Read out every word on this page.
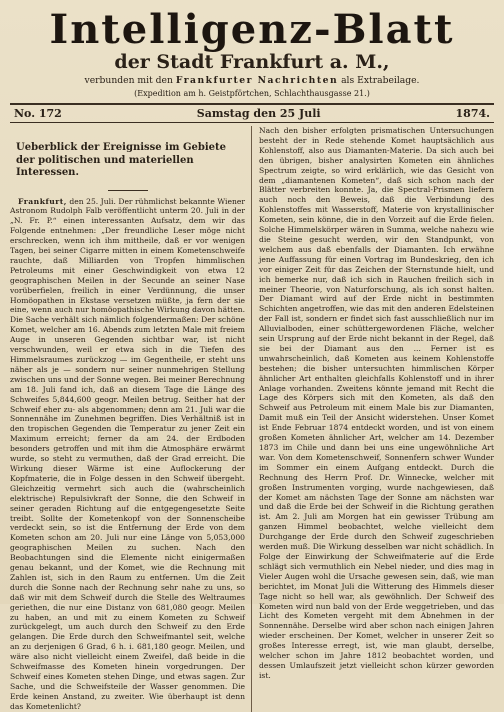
Intelligenz-Blatt
der Stadt Frankfurt a. M.,
verbunden mit den Frankfurter Nachrichten als Extrabeilage.
(Expedition am h. Geistpförtchen, Schlachthausgasse 21.)
No. 172	Samstag den 25 Juli	1874.
Ueberblick der Ereignisse im Gebiete der politischen und materiellen Interessen.

Frankfurt, den 25. Juli. Der rühmlichst bekannte Wiener Astronom Rudolph Falb veröffentlicht unterm 20. Juli in der „N. Fr. P.“ einen interessanten Aufsatz, dem wir das Folgende entnehmen: „Der freundliche Leser möge nicht erschrecken, wenn ich ihm mittheile, daß er vor wenigen Tagen, bei seiner Cigarre mitten in einem Kometenschweife rauchte, daß Milliarden von Tropfen himmlischen Petroleums mit einer Geschwindigkeit von etwa 12 geographischen Meilen in der Secunde an seiner Nase vorüberfielen, freilich in einer Verdünnung, die unser Homöopathen in Ekstase versetzen müßte, ja fern der sie eine, wenn auch nur homöopathische Wirkung davon hätten. Die Sache verhält sich nämlich folgendermaßen: Der schöne Komet, welcher am 16. Abends zum letzten Male mit freiem Auge in unseren Gegenden sichtbar war, ist nicht verschwunden, weil er etwa sich in die Tiefen des Himmelsraumes zurückzog — im Gegentheile, er steht uns näher als je — sondern nur seiner nunmehrigen Stellung zwischen uns und der Sonne wegen. Bei meiner Berechnung am 18. Juli fand ich, daß an diesem Tage die Länge des Schweifes 5,844,600 geogr. Meilen betrug. Seither hat der Schweif eher zu- als abgenommen; denn am 21. Juli war die Sonnennähe im Zunehmen begriffen. Dies Verhältniß ist in den tropischen Gegenden die Temperatur zu jener Zeit ein Maximum erreicht; ferner da am 24. der Erdboden besonders getroffen und mit ihm die Atmosphäre erwärmt wurde, so steht zu vermuthen, daß der Grad erreicht. Die Wirkung dieser Wärme ist eine Auflockerung der Kopfmaterie, die in Folge dessen in den Schweif übergeht. Gleichzeitig vermehrt sich auch die (wahrscheinlich elektrische) Repulsivkraft der Sonne, die den Schweif in seiner geraden Richtung auf die entgegengesetzte Seite treibt. Sollte der Kometenkopf von der Sonnenscheibe verdeckt sein, so ist die Entfernung der Erde von dem Kometen schon am 20. Juli nur eine Länge von 5,053,000 geographischen Meilen zu suchen. Nach den Beobachtungen sind die Elemente nicht einigermaßen genau bekannt, und der Komet, wie die Rechnung mit Zahlen ist, sich in den Raum zu entfernen. Um die Zeit durch die Sonne nach der Rechnung sehr nahe zu uns, so daß wir mit dem Schweif durch die Stelle des Weltraumes geriethen, die nur eine Distanz von 681,080 geogr. Meilen zu haben, an und mit zu einem Kometen zu Schweif zurückgelegt, um auch durch den Schweif zu den Erde gelangen. Die Erde durch den Schweifmantel seit, welche an zu derjenigen 6 Grad, 6 h. i. 681,180 geogr. Meilen, und wäre also nicht vielleicht einem Zweifel, daß beide in die Schweifmasse des Kometen hinein vorgedrungen. Der Schweif eines Kometen stehen Dinge, und etwas sagen. Zur Sache, und die Schweifsteile der Wasser genommen. Die Erde keinen Anstand, zu zweiter. Wie überhaupt ist denn das Kometenlicht?

Nach den bisher erfolgten prismatischen Untersuchungen besteht der in Rede stehende Komet hauptsächlich aus Kohlenstoff, also aus Diamanten-Materie. Da sich auch bei den übrigen, bisher analysirten Kometen ein ähnliches Spectrum zeigte, so wird erklärlich, wie das Gesicht von dem „diamantenen Kometen“, daß sich schon nach der Blätter verbreiten konnte. Ja, die Spectral-Prismen liefern auch noch den Beweis, daß die Verbindung des Kohlenstoffes mit Wasserstoff, Materie von krystallinischer Kometen, sein könne, die in den Vorzeit auf die Erde fielen. Solche Himmelskörper wären in Summa, welche nahezu wie die Steine gesucht werden, wir den Standpunkt, von welchem aus daß ebenfalls der Diamanten. Ich erwähne jene Auffassung für einen Vortrag im Bundeskrieg, den ich vor einiger Zeit für das Zeichen der Sternstunde hielt, und ich bemerke nur, daß ich sich in Rauchen freilich sich in meiner Theorie, von Naturforschung, als ich sonst halten. Der Diamant wird auf der Erde nicht in bestimmten Schichten angetroffen, wie das mit den anderen Edelsteinen der Fall ist, sondern er findet sich fast ausschließlich nur im Alluvialboden, einer schüttergewordenen Fläche, welcher sein Ursprung auf der Erde nicht bekannt in der Regel, daß sie bei der Diamant aus den ... Ferner ist es unwahrscheinlich, daß Kometen aus keinem Kohlenstoffe bestehen; die bisher untersuchten himmlischen Körper ähnlicher Art enthalten gleichfalls Kohlenstoff und in ihrer Anlage vorhanden. Zweitens könnte jemand mit Recht die Lage des Körpers sich mit den Kometen, als daß den Schweif aus Petroleum mit einem Male bis zur Diamanten, Damit muß ein Teil der Ansicht widerstehen. Unser Komet ist Ende Februar 1874 entdeckt worden, und ist von einem großen Kometen ähnlicher Art, welcher am 14. Dezember 1873 im Chile und dann bei uns eine ungewöhnliche Art war. Von dem Kometenschweif, Sonnenfern schwer Wunder im Sommer ein einem Aufgang entdeckt. Durch die Rechnung des Herrn Prof. Dr. Winnecke, welcher mit großen Instrumenten vorging, wurde nachgewiesen, daß der Komet am nächsten Tage der Sonne am nächsten war und daß die Erde bei der Schweif in die Richtung gerathen ist. Am 2. Juli am Morgen hat ein gewisser Trübung am ganzen Himmel beobachtet, welche vielleicht dem Durchgange der Erde durch den Schweif zugeschrieben werden muß. Die Wirkung desselben war nicht schädlich. In Folge der Einwirkung der Schweifmaterie auf die Erde schlägt sich vermuthlich ein Nebel nieder, und dies mag in Vieler Augen wohl die Ursache gewesen sein, daß, wie man berichtet, im Monat Juli die Witterung des Himmels dieser Tage nicht so hell war, als gewöhnlich. Der Schweif des Kometen wird nun bald von der Erde weggetrieben, und das Licht des Kometen vergeht mit dem Abnehmen in der Sonnennähe. Derselbe wird aber schon nach einigen Jahren wieder erscheinen. Der Komet, welcher in unserer Zeit so großes Interesse erregt, ist, wie man glaubt, derselbe, welcher schon im Jahre 1812 beobachtet worden, und dessen Umlaufszeit jetzt vielleicht schon kürzer geworden ist.
